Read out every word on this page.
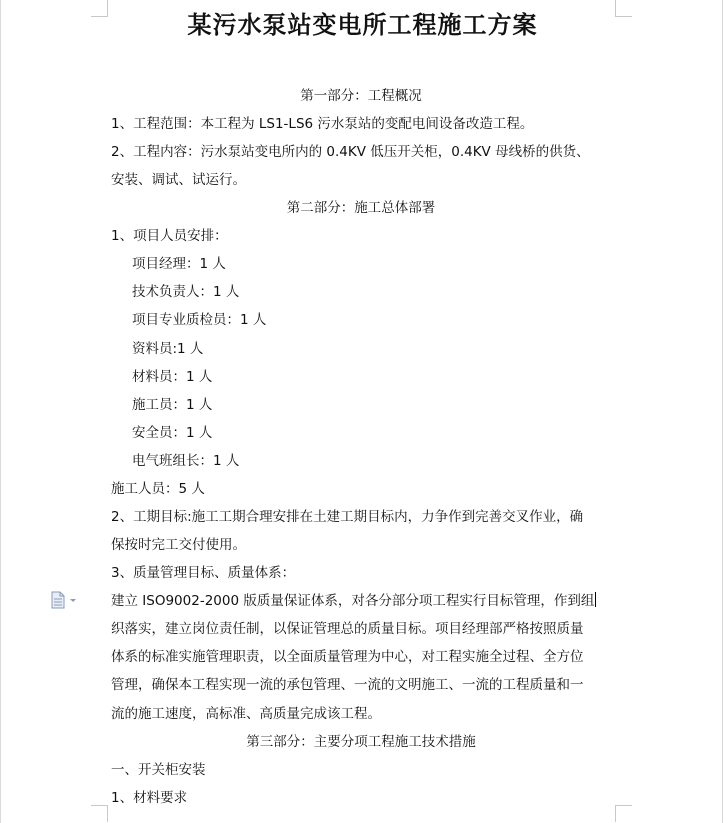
某污水泵站变电所工程施工方案
第一部分：工程概况
1、工程范围：本工程为 LS1-LS6 污水泵站的变配电间设备改造工程。
2、工程内容：污水泵站变电所内的 0.4KV 低压开关柜，0.4KV 母线桥的供货、
安装、调试、试运行。
第二部分：施工总体部署
1、项目人员安排：
项目经理：1 人
技术负责人：1 人
项目专业质检员：1 人
资料员:1 人
材料员：1 人
施工员：1 人
安全员：1 人
电气班组长：1 人
施工人员：5 人
2、工期目标:施工工期合理安排在土建工期目标内，力争作到完善交叉作业，确
保按时完工交付使用。
3、质量管理目标、质量体系：
建立 ISO9002-2000 版质量保证体系，对各分部分项工程实行目标管理，作到组
织落实，建立岗位责任制，以保证管理总的质量目标。项目经理部严格按照质量
体系的标准实施管理职责，以全面质量管理为中心，对工程实施全过程、全方位
管理，确保本工程实现一流的承包管理、一流的文明施工、一流的工程质量和一
流的施工速度，高标准、高质量完成该工程。
第三部分：主要分项工程施工技术措施
一、开关柜安装
1、材料要求
